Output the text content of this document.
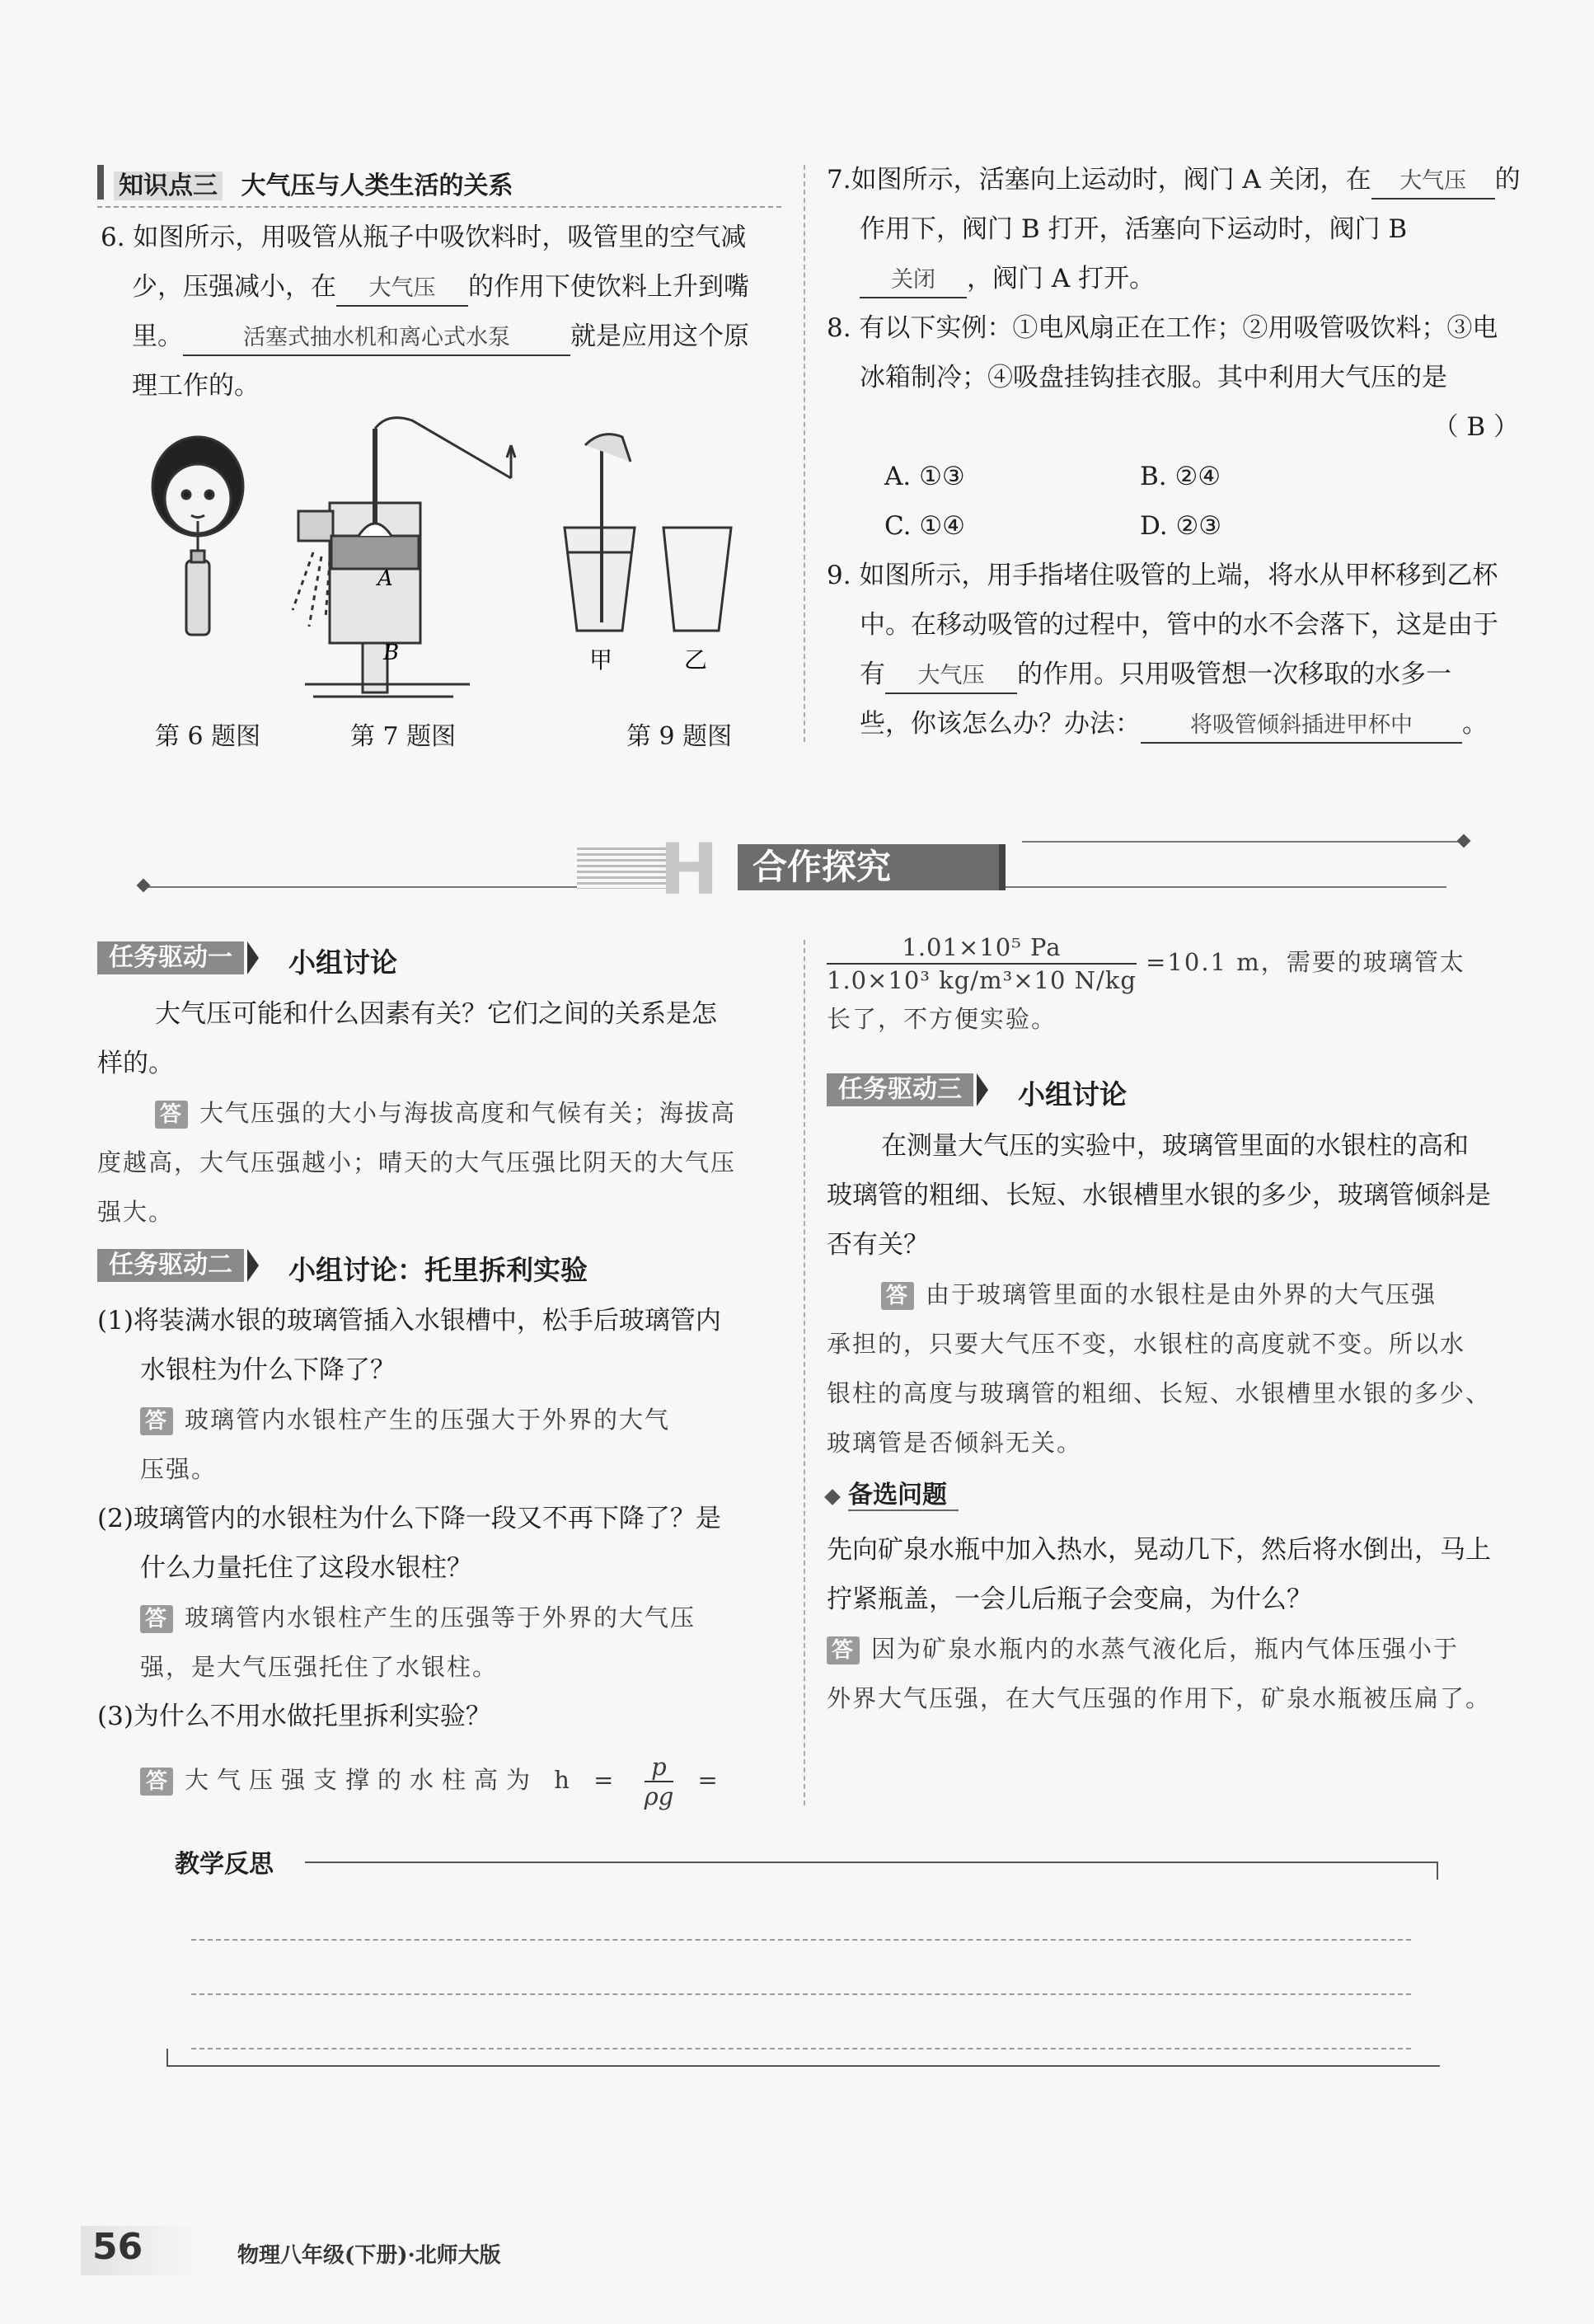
知识点三 大气压与人类生活的关系
6. 如图所示，用吸管从瓶子中吸饮料时，吸管里的空气减
少，压强减小，在 大气压 的作用下使饮料上升到嘴
里。	活塞式抽水机和离心式水泵 就是应用这个原
理工作的。
A
B	甲	乙
第 6 题图	第 7 题图	第 9 题图
7.如图所示，活塞向上运动时，阀门 A 关闭，在 大气压 的
作用下，阀门 B 打开，活塞向下运动时，阀门 B
关闭 ，阀门 A 打开。
8. 有以下实例：①电风扇正在工作；②用吸管吸饮料；③电
冰箱制冷；④吸盘挂钩挂衣服。其中利用大气压的是
（ B ）
A. ①③	B. ②④
C. ①④	D. ②③
9. 如图所示，用手指堵住吸管的上端，将水从甲杯移到乙杯
中。在移动吸管的过程中，管中的水不会落下，这是由于
有 大气压 的作用。只用吸管想一次移取的水多一
些，你该怎么办？办法： 将吸管倾斜插进甲杯中 。
H 合作探究
任务驱动一	小组讨论
大气压可能和什么因素有关？它们之间的关系是怎
样的。
答 大气压强的大小与海拔高度和气候有关；海拔高
度越高，大气压强越小；晴天的大气压强比阴天的大气压
强大。
任务驱动二	小组讨论：托里拆利实验
(1)将装满水银的玻璃管插入水银槽中，松手后玻璃管内
水银柱为什么下降了？
答 玻璃管内水银柱产生的压强大于外界的大气
压强。
(2)玻璃管内的水银柱为什么下降一段又不再下降了？是
什么力量托住了这段水银柱？
答 玻璃管内水银柱产生的压强等于外界的大气压
强，是大气压强托住了水银柱。
(3)为什么不用水做托里拆利实验？
答 大气压强支撑的水柱高为 $h = \frac{p}{\rho g}$ =
$\frac{\text{1.01×10⁵ Pa}}{\text{1.0×10³ kg/m³×10 N/kg}} =10.1$ m，需要的玻璃管太
长了，不方便实验。
任务驱动三	小组讨论
在测量大气压的实验中，玻璃管里面的水银柱的高和
玻璃管的粗细、长短、水银槽里水银的多少，玻璃管倾斜是
否有关？
答 由于玻璃管里面的水银柱是由外界的大气压强
承担的，只要大气压不变，水银柱的高度就不变。所以水
银柱的高度与玻璃管的粗细、长短、水银槽里水银的多少、
玻璃管是否倾斜无关。
备选问题
先向矿泉水瓶中加入热水，晃动几下，然后将水倒出，马上
拧紧瓶盖，一会儿后瓶子会变扁，为什么？
答 因为矿泉水瓶内的水蒸气液化后，瓶内气体压强小于
外界大气压强，在大气压强的作用下，矿泉水瓶被压扁了。
教学反思
56	物理八年级(下册)·北师大版
